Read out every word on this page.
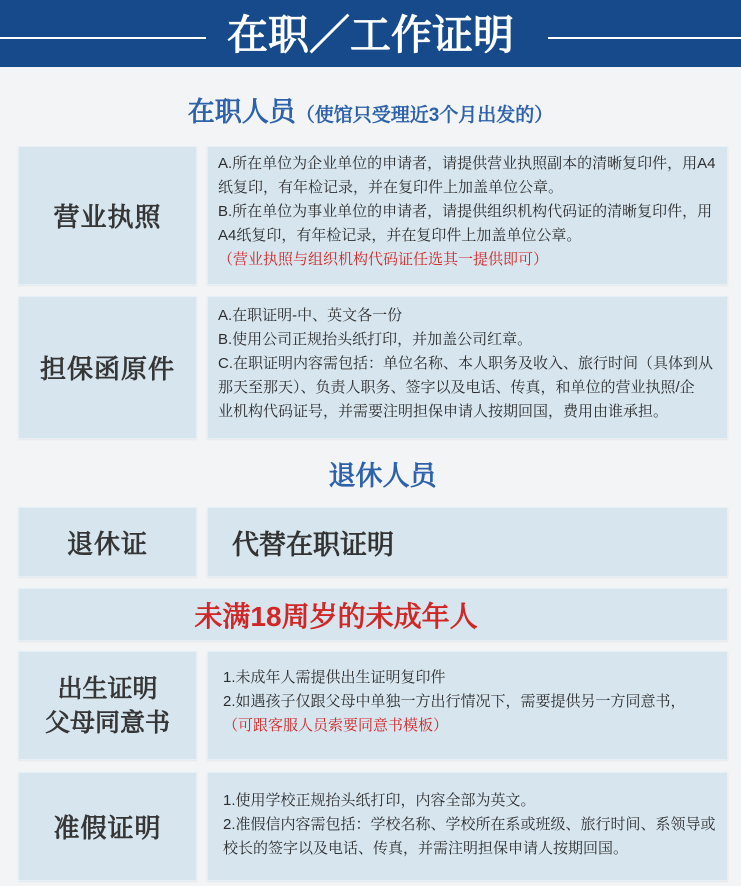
在职／工作证明
在职人员（使馆只受理近3个月出发的）
营业执照
A.所在单位为企业单位的申请者，请提供营业执照副本的清晰复印件，用A4
纸复印，有年检记录，并在复印件上加盖单位公章。
B.所在单位为事业单位的申请者，请提供组织机构代码证的清晰复印件，用
A4纸复印，有年检记录，并在复印件上加盖单位公章。
（营业执照与组织机构代码证任选其一提供即可）
担保函原件
A.在职证明-中、英文各一份
B.使用公司正规抬头纸打印，并加盖公司红章。
C.在职证明内容需包括：单位名称、本人职务及收入、旅行时间（具体到从
那天至那天）、负责人职务、签字以及电话、传真，和单位的营业执照/企
业机构代码证号，并需要注明担保申请人按期回国，费用由谁承担。
退休人员
退休证	代替在职证明
未满18周岁的未成年人
出生证明
父母同意书
1.未成年人需提供出生证明复印件
2.如遇孩子仅跟父母中单独一方出行情况下，需要提供另一方同意书，
（可跟客服人员索要同意书模板）
准假证明
1.使用学校正规抬头纸打印，内容全部为英文。
2.准假信内容需包括：学校名称、学校所在系或班级、旅行时间、系领导或
校长的签字以及电话、传真，并需注明担保申请人按期回国。
